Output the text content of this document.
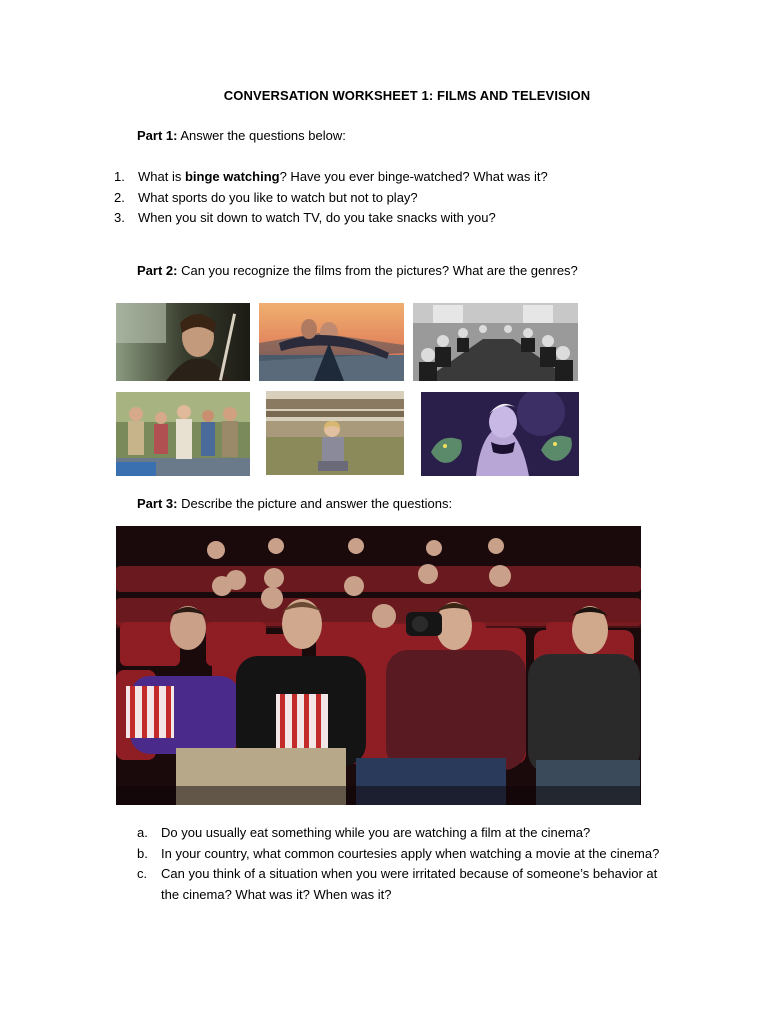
CONVERSATION WORKSHEET 1: FILMS AND TELEVISION
Part 1: Answer the questions below:
1. What is binge watching? Have you ever binge-watched? What was it?
2. What sports do you like to watch but not to play?
3. When you sit down to watch TV, do you take snacks with you?
Part 2: Can you recognize the films from the pictures? What are the genres?
Part 3: Describe the picture and answer the questions:
a. Do you usually eat something while you are watching a film at the cinema?
b. In your country, what common courtesies apply when watching a movie at the cinema?
c. Can you think of a situation when you were irritated because of someone’s behavior at the cinema? What was it? When was it?
